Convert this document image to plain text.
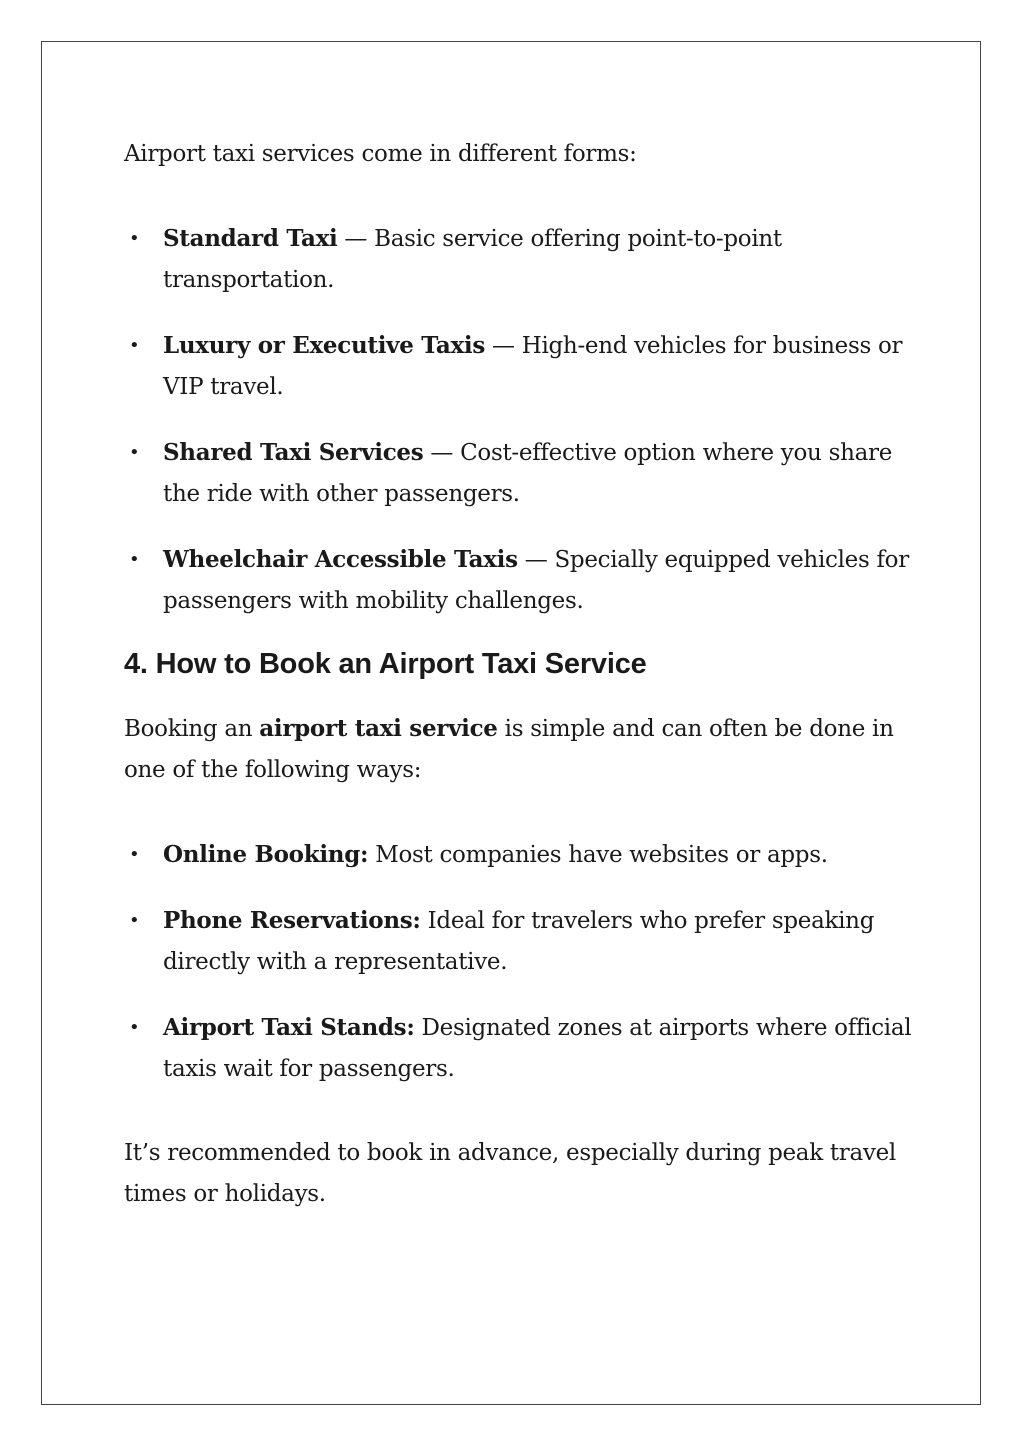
Airport taxi services come in different forms:

• Standard Taxi — Basic service offering point-to-point transportation.
• Luxury or Executive Taxis — High-end vehicles for business or VIP travel.
• Shared Taxi Services — Cost-effective option where you share the ride with other passengers.
• Wheelchair Accessible Taxis — Specially equipped vehicles for passengers with mobility challenges.
4. How to Book an Airport Taxi Service

Booking an airport taxi service is simple and can often be done in one of the following ways:

• Online Booking: Most companies have websites or apps.
• Phone Reservations: Ideal for travelers who prefer speaking directly with a representative.
• Airport Taxi Stands: Designated zones at airports where official taxis wait for passengers.

It’s recommended to book in advance, especially during peak travel times or holidays.
